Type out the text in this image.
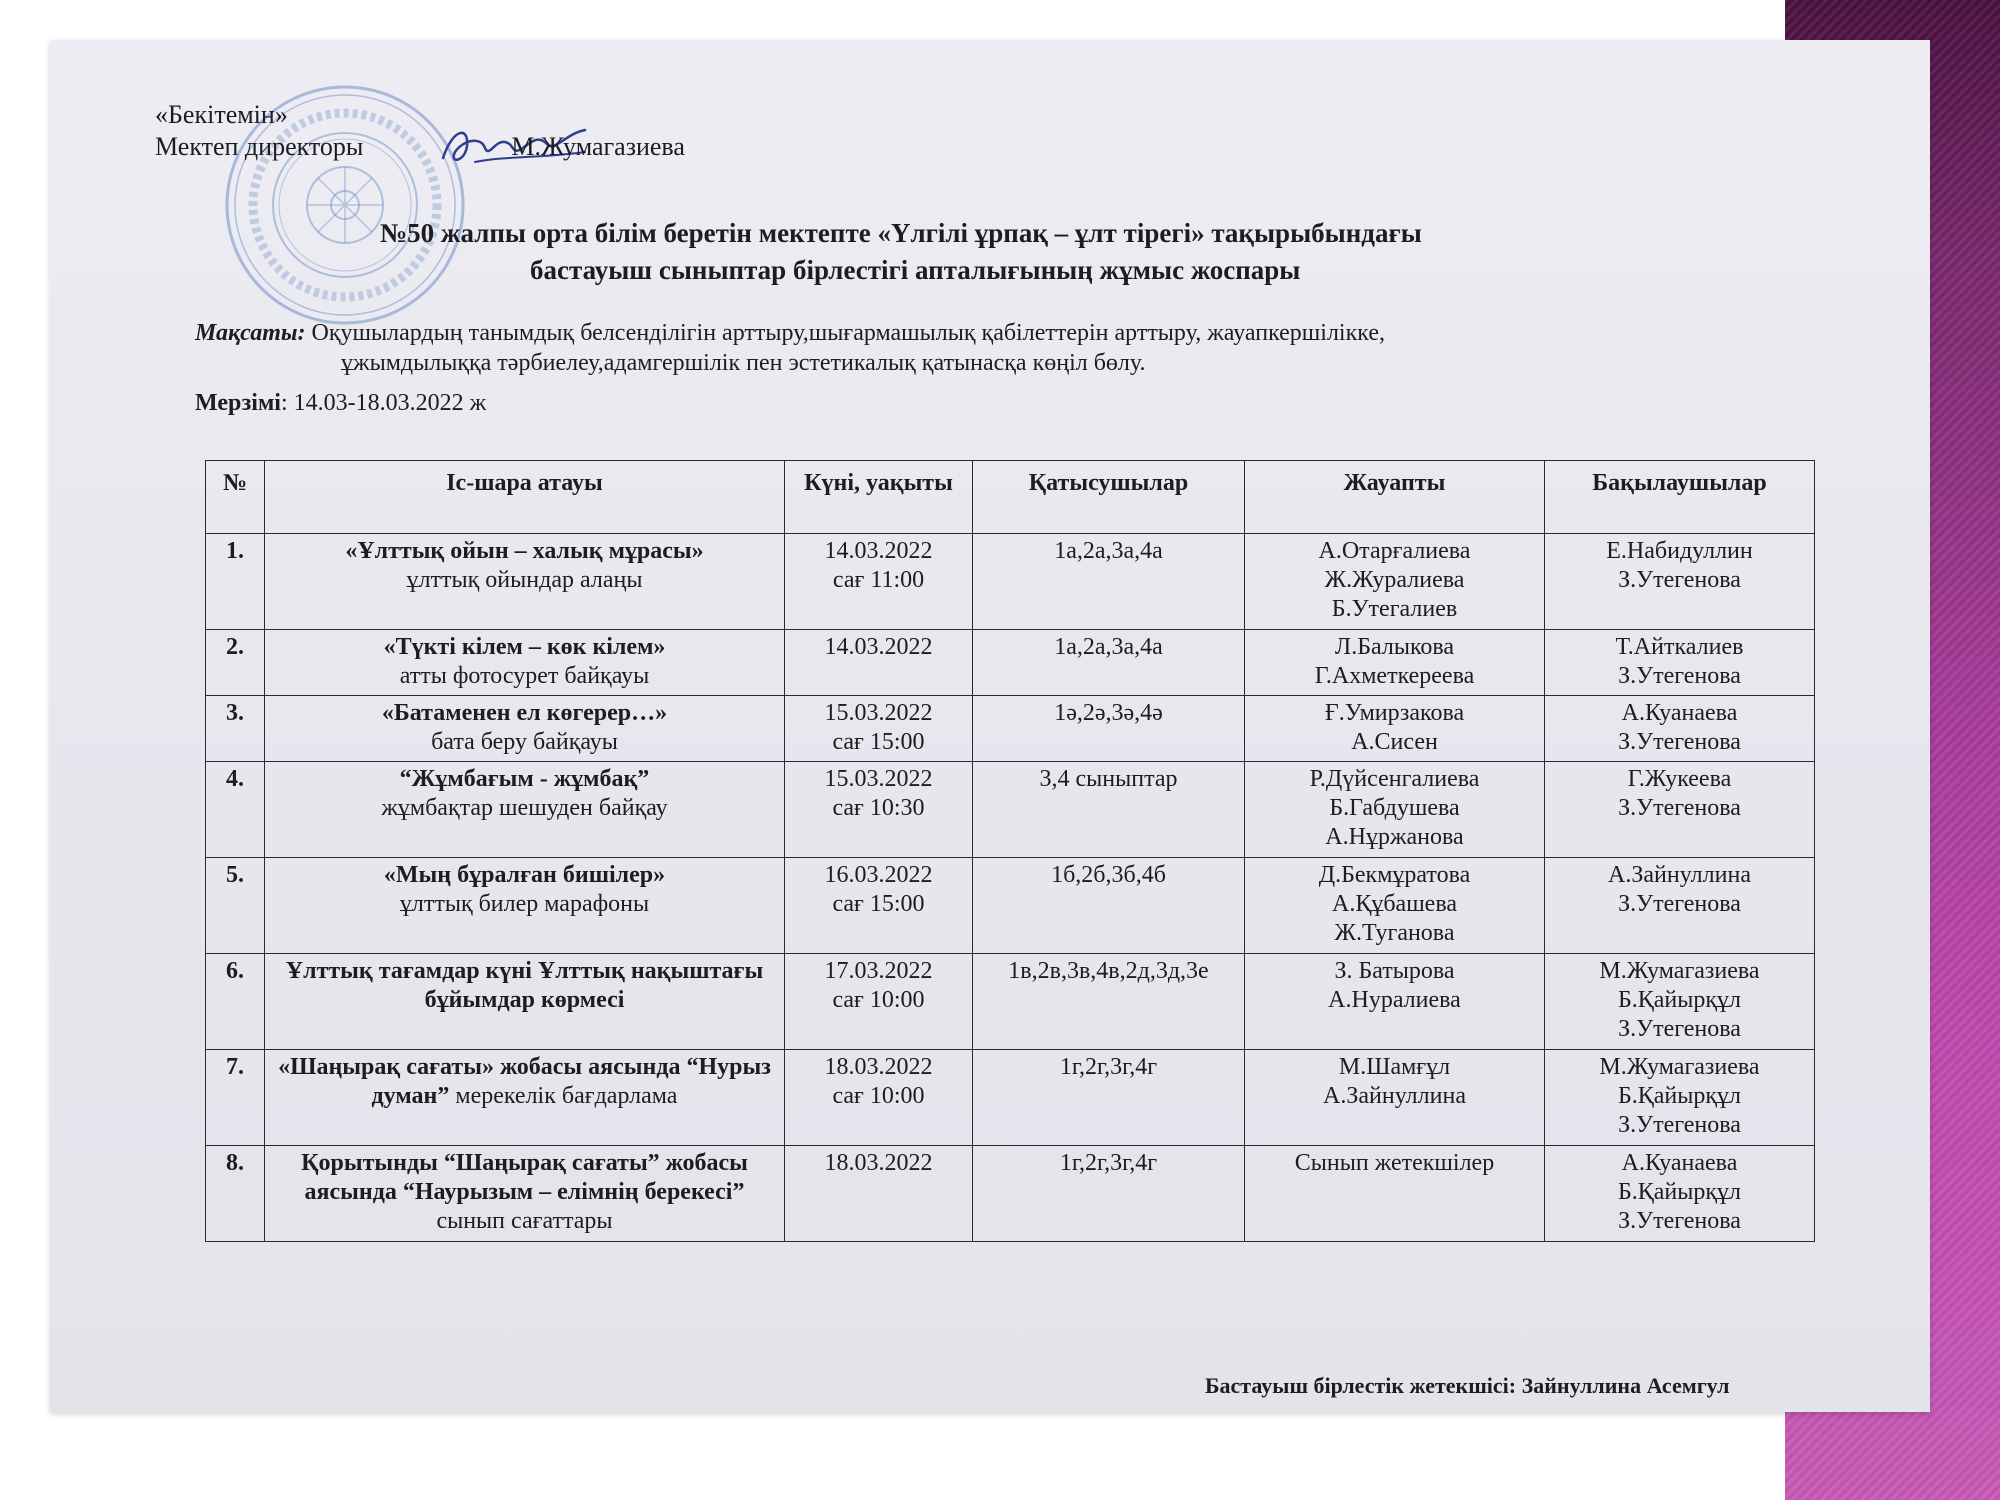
«Бекітемін»
Мектеп директоры	М.Жумагазиева
№50 жалпы орта білім беретін мектепте «Үлгілі ұрпақ – ұлт тірегі» тақырыбындағы
бастауыш сыныптар бірлестігі апталығының жұмыс жоспары
Мақсаты: Оқушылардың танымдық белсенділігін арттыру,шығармашылық қабілеттерін арттыру, жауапкершілікке,
ұжымдылыққа тәрбиелеу,адамгершілік пен эстетикалық қатынасқа көңіл бөлу.
Мерзімі: 14.03-18.03.2022 ж
№	Іс-шара атауы	Күні, уақыты	Қатысушылар	Жауапты	Бақылаушылар
1.	«Ұлттық ойын – халық мұрасы»
ұлттық ойындар алаңы	14.03.2022
сағ 11:00	1а,2а,3а,4а	А.Отарғалиева
Ж.Журалиева
Б.Утегалиев	Е.Набидуллин
З.Утегенова

2.	«Түкті кілем – көк кілем»
атты фотосурет байқауы	14.03.2022	1а,2а,3а,4а	Л.Балыкова
Г.Ахметкереева	Т.Айткалиев
З.Утегенова

3.	«Батаменен ел көгерер…»
бата беру байқауы	15.03.2022
сағ 15:00	1ә,2ә,3ә,4ә	Ғ.Умирзакова
А.Сисен	А.Куанаева
З.Утегенова

4.	“Жұмбағым - жұмбақ”
жұмбақтар шешуден байқау	15.03.2022
сағ 10:30	3,4 сыныптар	Р.Дүйсенгалиева
Б.Габдушева
А.Нұржанова	Г.Жукеева
З.Утегенова

5.	«Мың бұралған бишілер»
ұлттық билер марафоны	16.03.2022
сағ 15:00	1б,2б,3б,4б	Д.Бекмұратова
А.Құбашева
Ж.Туганова	А.Зайнуллина
З.Утегенова

6.	Ұлттық тағамдар күні Ұлттық нақыштағы бұйымдар көрмесі	17.03.2022
сағ 10:00	1в,2в,3в,4в,2д,3д,3е	З. Батырова
А.Нуралиева	М.Жумагазиева
Б.Қайырқұл
З.Утегенова

7.	«Шаңырақ сағаты» жобасы аясында “Нурыз думан” мерекелік бағдарлама	18.03.2022
сағ 10:00	1г,2г,3г,4г	М.Шамғұл
А.Зайнуллина	М.Жумагазиева
Б.Қайырқұл
З.Утегенова

8.	Қорытынды “Шаңырақ сағаты” жобасы аясында “Наурызым – елімнің берекесі” сынып сағаттары	18.03.2022	1г,2г,3г,4г	Сынып жетекшілер	А.Куанаева
Б.Қайырқұл
З.Утегенова
Бастауыш бірлестік жетекшісі: Зайнуллина Асемгул
